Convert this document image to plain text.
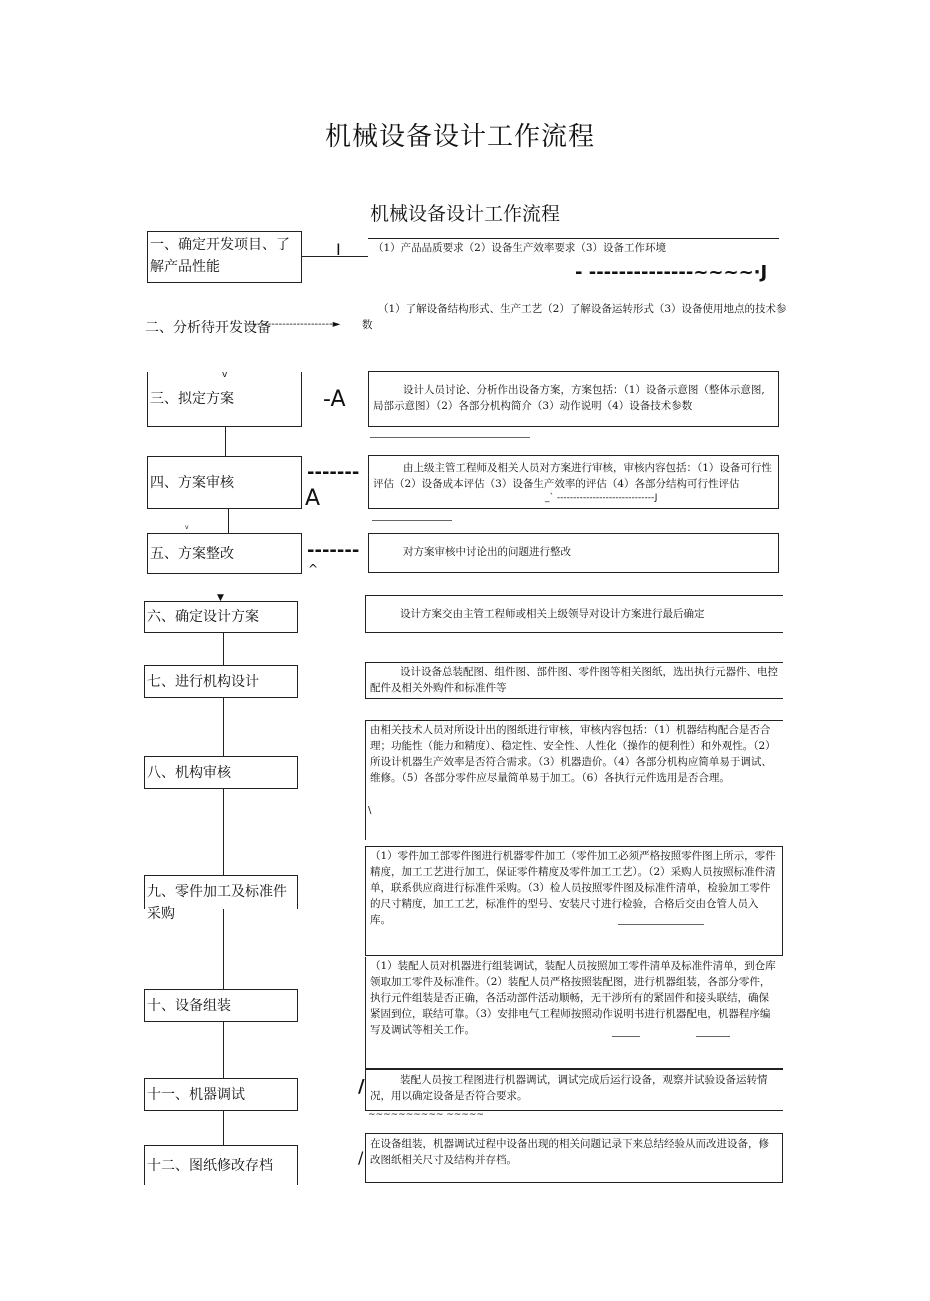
机械设备设计工作流程
机械设备设计工作流程
一、确定开发项目、了解产品性能
I	（1）产品品质要求（2）设备生产效率要求（3）设备工作环境
- --------------~~~~·J
（1）了解设备结构形式、生产工艺（2）了解设备运转形式（3）设备使用地点的技术参数
二、分析待开发设备
------------------------►
v
三、拟定方案	-A	设计人员讨论、分析作出设备方案，方案包括：（1）设备示意图（整体示意图,局部示意图）（2）各部分机构简介（3）动作说明（4）设备技术参数
四、方案审核	-------
A
由上级主管工程师及相关人员对方案进行审核，审核内容包括：（1）设备可行性评估（2）设备成本评估（3）设备生产效率的评估（4）各部分结构可行性评估
_` ------------------------------J
v
五、方案整改	-------
^
对方案审核中讨论出的问题进行整改
▼
六、确定设计方案	设计方案交由主管工程师或相关上级领导对设计方案进行最后确定
七、进行机构设计
设计设备总装配图、组件图、部件图、零件图等相关图纸，选出执行元器件、电控配件及相关外购件和标准件等
八、机构审核
由相关技术人员对所设计出的图纸进行审核，审核内容包括：（1）机器结构配合是否合理；功能性（能力和精度）、稳定性、安全性、人性化（操作的便利性）和外观性。（2）所设计机器生产效率是否符合需求。（3）机器造价。（4）各部分机构应简单易于调试、维修。（5）各部分零件应尽量简单易于加工。（6）各执行元件选用是否合理。
\
九、零件加工及标准件采购
（1）零件加工部零件图进行机器零件加工（零件加工必须严格按照零件图上所示，零件精度，加工工艺进行加工，保证零件精度及零件加工工艺）。（2）采购人员按照标准件清单，联系供应商进行标准件采购。（3）检人员按照零件图及标准件清单，检验加工零件的尺寸精度，加工工艺，标准件的型号、安装尺寸进行检验，合格后交由仓管人员入库。
十、设备组装
（1）装配人员对机器进行组装调试，装配人员按照加工零件清单及标准件清单，到仓库领取加工零件及标准件。（2）装配人员严格按照装配图，进行机器组装，各部分零件，执行元件组装是否正确，各活动部件活动顺畅，无干涉所有的紧固件和接头联结，确保紧固到位，联结可靠。（3）安排电气工程师按照动作说明书进行机器配电，机器程序编写及调试等相关工作。
十一、机器调试	/	装配人员按工程图进行机器调试，调试完成后运行设备，观察并试验设备运转情况，用以确定设备是否符合要求。
~~~~~~~~~~ ~~~~~
十二、图纸修改存档
在设备组装，机器调试过程中设备出现的相关问题记录下来总结经验从而改进设备，修改图纸相关尺寸及结构并存档。
/
